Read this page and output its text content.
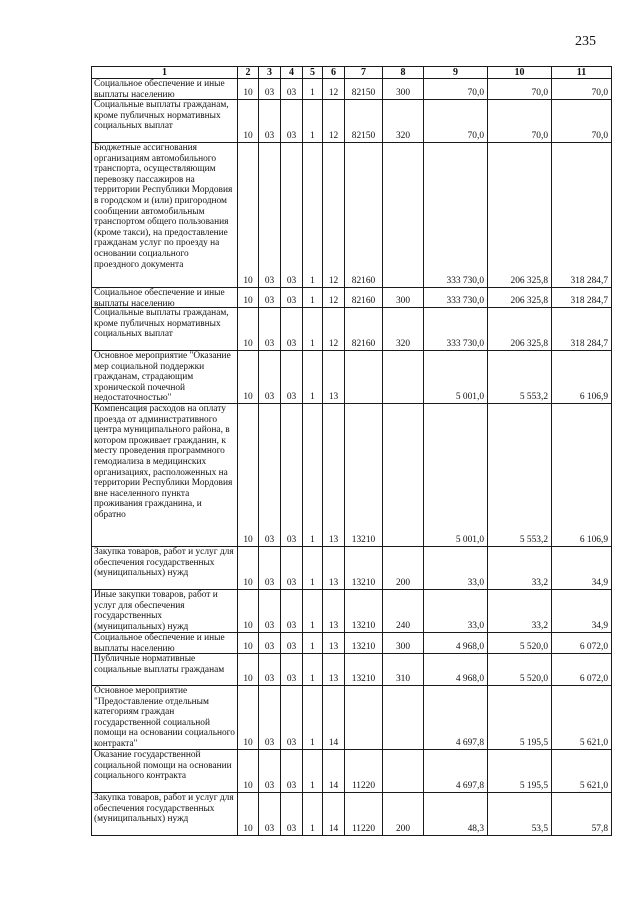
235
1	2	3	4	5	6	7	8	9	10	11

Социальное обеспечение и иные выплаты населению	10	03	03	1	12	82150	300	70,0	70,0	70,0

Социальные выплаты гражданам, кроме публичных нормативных социальных выплат	10	03	03	1	12	82150	320	70,0	70,0	70,0

Бюджетные ассигнования организациям автомобильного транспорта, осуществляющим перевозку пассажиров на территории Республики Мордовия в городском и (или) пригородном сообщении автомобильным транспортом общего пользования (кроме такси), на предоставление гражданам услуг по проезду на основании социального проездного документа	10	03	03	1	12	82160		333 730,0	206 325,8	318 284,7

Социальное обеспечение и иные выплаты населению	10	03	03	1	12	82160	300	333 730,0	206 325,8	318 284,7

Социальные выплаты гражданам, кроме публичных нормативных социальных выплат	10	03	03	1	12	82160	320	333 730,0	206 325,8	318 284,7

Основное мероприятие "Оказание мер социальной поддержки гражданам, страдающим хронической почечной недостаточностью"	10	03	03	1	13			5 001,0	5 553,2	6 106,9

Компенсация расходов на оплату проезда от административного центра муниципального района, в котором проживает гражданин, к месту проведения программного гемодиализа в медицинских организациях, расположенных на территории Республики Мордовия вне населенного пункта проживания гражданина, и обратно	10	03	03	1	13	13210		5 001,0	5 553,2	6 106,9

Закупка товаров, работ и услуг для обеспечения государственных (муниципальных) нужд	10	03	03	1	13	13210	200	33,0	33,2	34,9

Иные закупки товаров, работ и услуг для обеспечения государственных (муниципальных) нужд	10	03	03	1	13	13210	240	33,0	33,2	34,9

Социальное обеспечение и иные выплаты населению	10	03	03	1	13	13210	300	4 968,0	5 520,0	6 072,0

Публичные нормативные социальные выплаты гражданам	10	03	03	1	13	13210	310	4 968,0	5 520,0	6 072,0

Основное мероприятие "Предоставление отдельным категориям граждан государственной социальной помощи на основании социального контракта"	10	03	03	1	14			4 697,8	5 195,5	5 621,0

Оказание государственной социальной помощи на основании социального контракта	10	03	03	1	14	11220		4 697,8	5 195,5	5 621,0

Закупка товаров, работ и услуг для обеспечения государственных (муниципальных) нужд	10	03	03	1	14	11220	200	48,3	53,5	57,8
